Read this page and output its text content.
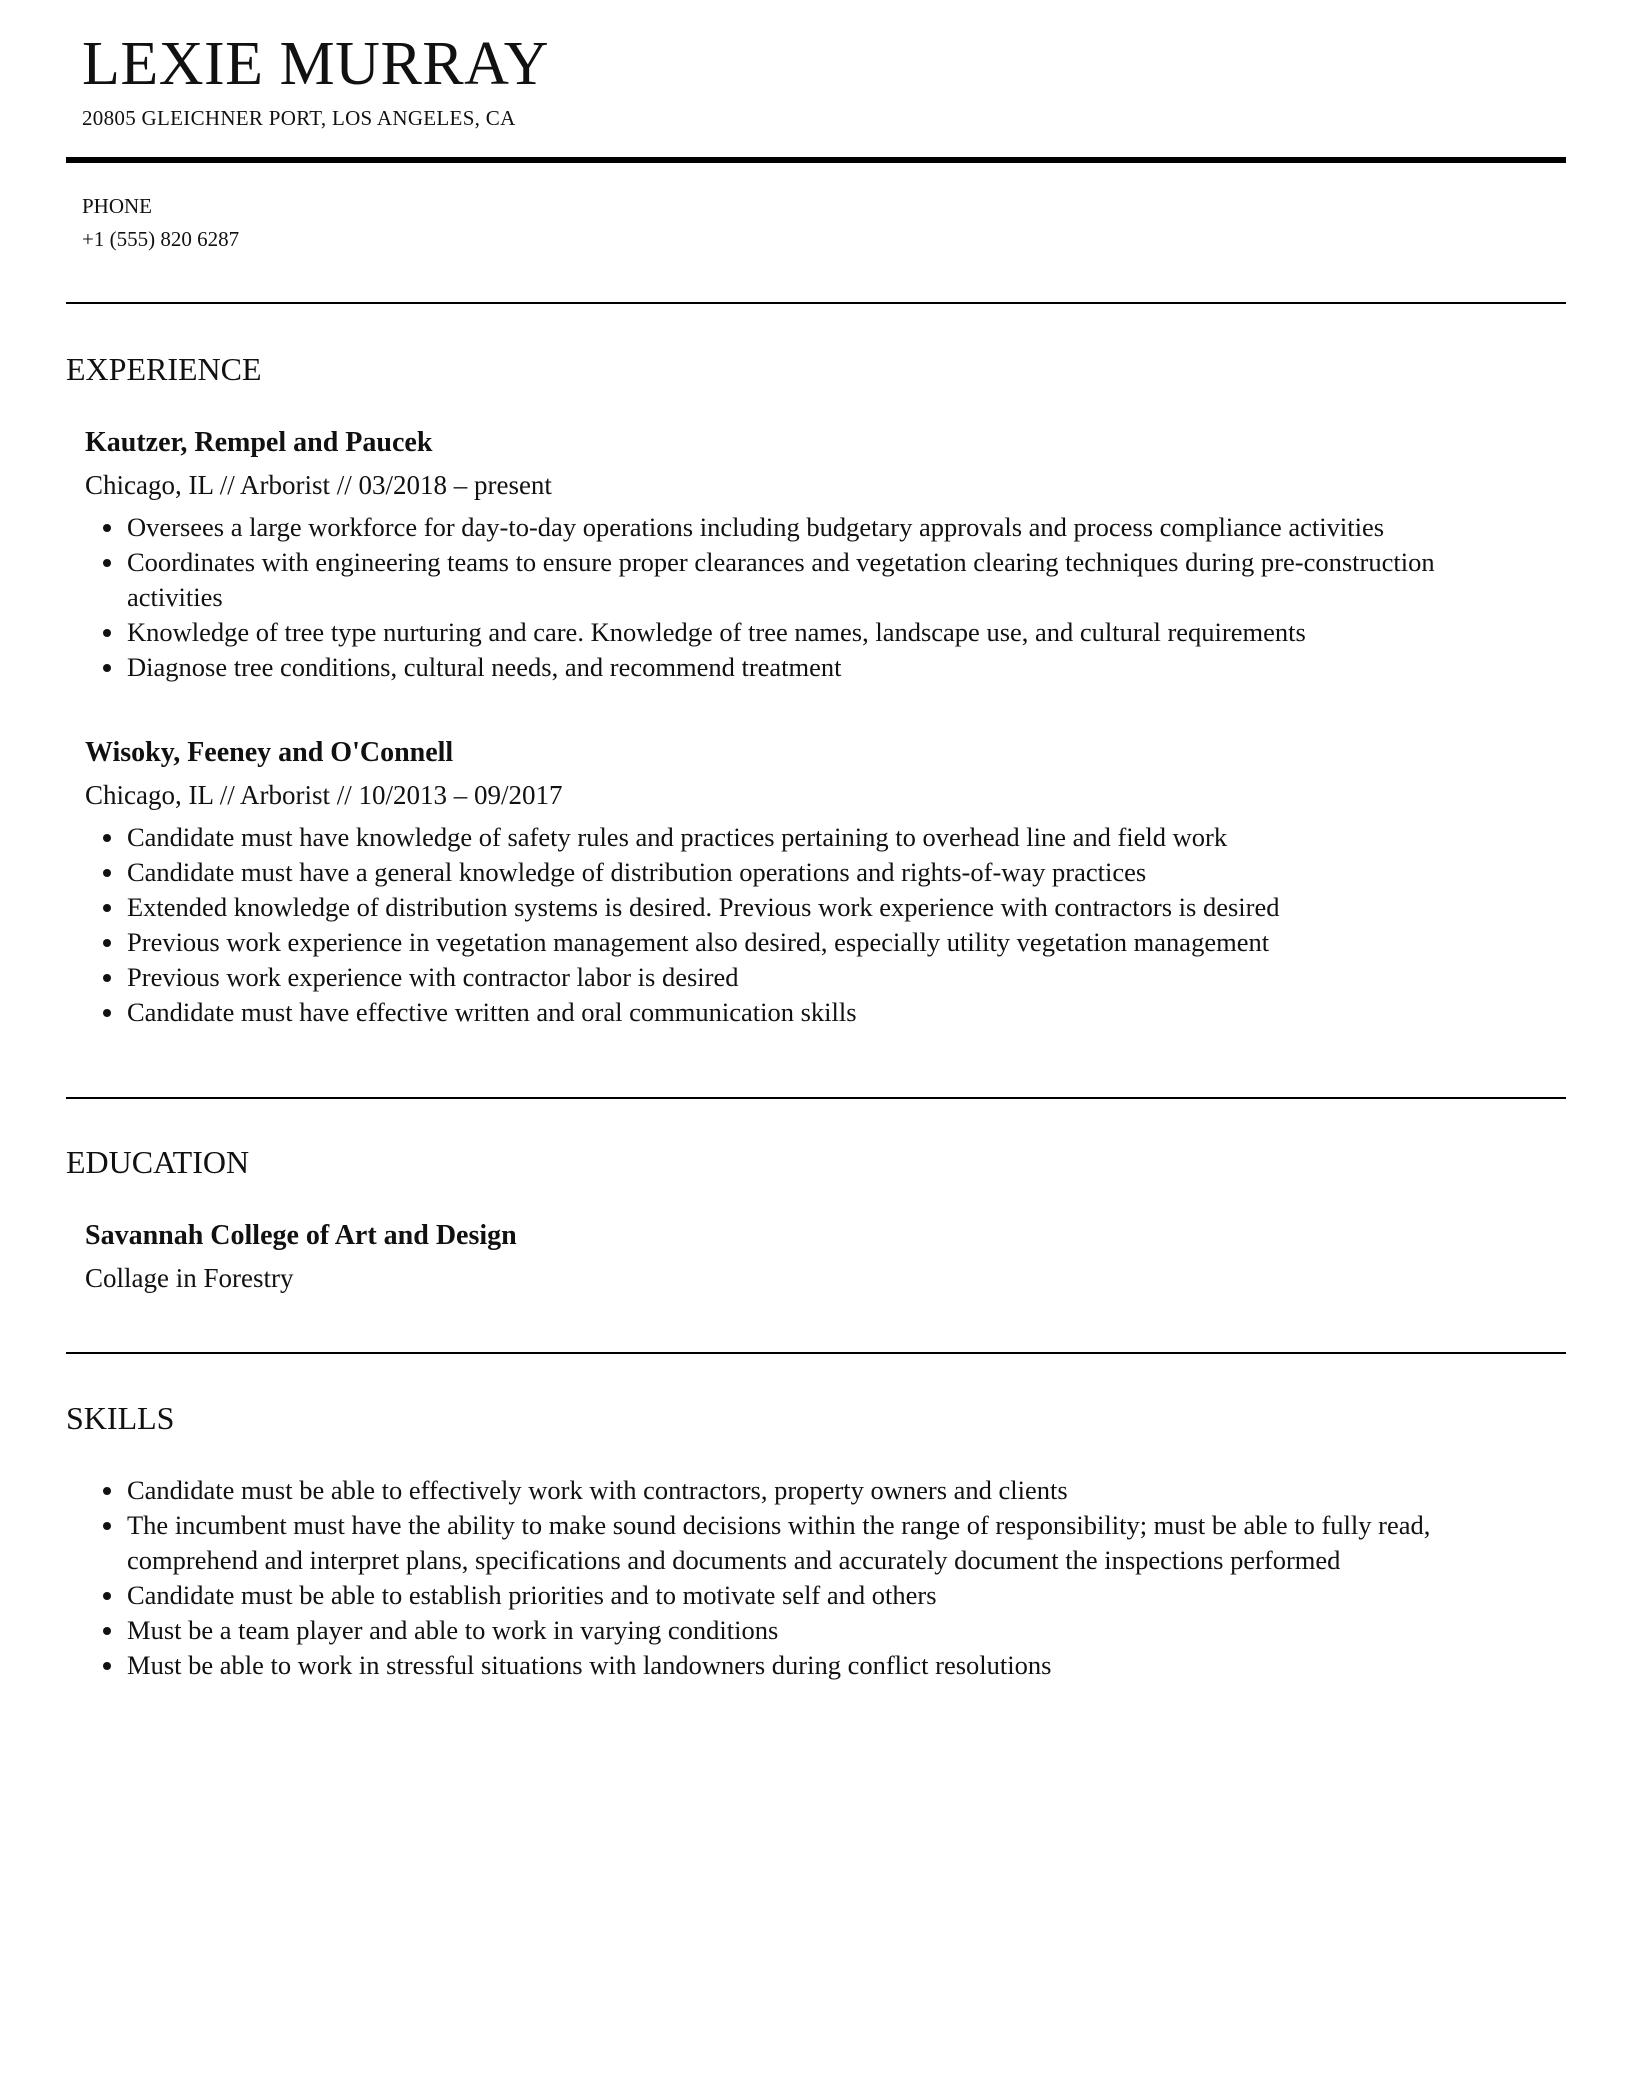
LEXIE MURRAY
20805 GLEICHNER PORT, LOS ANGELES, CA
PHONE
+1 (555) 820 6287
EXPERIENCE
Kautzer, Rempel and Paucek
Chicago, IL // Arborist // 03/2018 – present
Oversees a large workforce for day-to-day operations including budgetary approvals and process compliance activities
Coordinates with engineering teams to ensure proper clearances and vegetation clearing techniques during pre-construction activities
Knowledge of tree type nurturing and care. Knowledge of tree names, landscape use, and cultural requirements
Diagnose tree conditions, cultural needs, and recommend treatment
Wisoky, Feeney and O'Connell
Chicago, IL // Arborist // 10/2013 – 09/2017
Candidate must have knowledge of safety rules and practices pertaining to overhead line and field work
Candidate must have a general knowledge of distribution operations and rights-of-way practices
Extended knowledge of distribution systems is desired. Previous work experience with contractors is desired
Previous work experience in vegetation management also desired, especially utility vegetation management
Previous work experience with contractor labor is desired
Candidate must have effective written and oral communication skills
EDUCATION
Savannah College of Art and Design
Collage in Forestry
SKILLS
Candidate must be able to effectively work with contractors, property owners and clients
The incumbent must have the ability to make sound decisions within the range of responsibility; must be able to fully read, comprehend and interpret plans, specifications and documents and accurately document the inspections performed
Candidate must be able to establish priorities and to motivate self and others
Must be a team player and able to work in varying conditions
Must be able to work in stressful situations with landowners during conflict resolutions
